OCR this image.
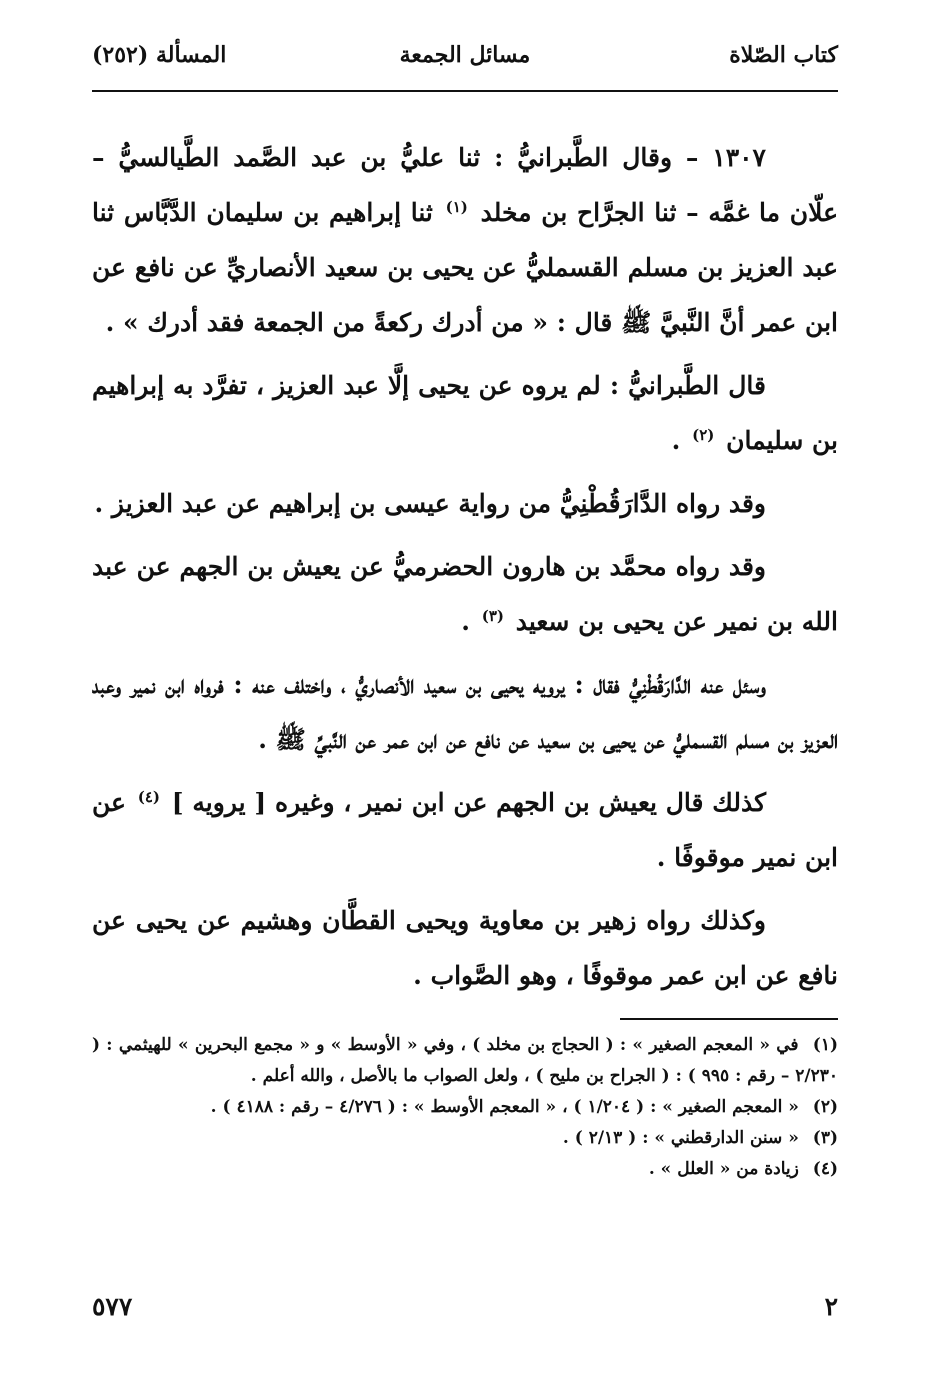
كتاب الصّلاة
مسائل الجمعة
المسألة (٢٥٢)

١٣٠٧ – وقال الطَّبرانيُّ : ثنا عليُّ بن عبد الصَّمد الطَّيالسيُّ – علّان ما غمَّه – ثنا الجرَّاح بن مخلد $^{(١)}$ ثنا إبراهيم بن سليمان الدَّبَّاس ثنا عبد العزيز بن مسلم القسمليُّ عن يحيى بن سعيد الأنصاريِّ عن نافع عن ابن عمر أنَّ النَّبيَّ ﷺ قال : « من أدرك ركعةً من الجمعة فقد أدرك » .

قال الطَّبرانيُّ : لم يروه عن يحيى إلَّا عبد العزيز ، تفرَّد به إبراهيم بن سليمان $^{(٢)}$ .

وقد رواه الدَّارَقُطْنِيُّ من رواية عيسى بن إبراهيم عن عبد العزيز .

وقد رواه محمَّد بن هارون الحضرميُّ عن يعيش بن الجهم عن عبد الله بن نمير عن يحيى بن سعيد $^{(٣)}$ .

وسئل عنه الدَّارَقُطْنِيُّ فقال : يرويه يحيى بن سعيد الأنصاريُّ ، واختلف عنه : فرواه ابن نمير وعبد العزيز بن مسلم القسمليُّ عن يحيى بن سعيد عن نافع عن ابن عمر عن النَّبيِّ ﷺ .

كذلك قال يعيش بن الجهم عن ابن نمير ، وغيره [ يرويه ] $^{(٤)}$ عن ابن نمير موقوفًا .

وكذلك رواه زهير بن معاوية ويحيى القطَّان وهشيم عن يحيى عن نافع عن ابن عمر موقوفًا ، وهو الصَّواب .

(١) في « المعجم الصغير » : ( الحجاج بن مخلد ) ، وفي « الأوسط » و « مجمع البحرين » للهيثمي : ( ٢/٢٣٠ – رقم : ٩٩٥ ) : ( الجراح بن مليح ) ، ولعل الصواب ما بالأصل ، والله أعلم .

(٢) « المعجم الصغير » : ( ١/٢٠٤ ) ، « المعجم الأوسط » : ( ٤/٢٧٦ – رقم : ٤١٨٨ ) .

(٣) « سنن الدارقطني » : ( ٢/١٣ ) .

(٤) زيادة من « العلل » .

٢
٥٧٧
